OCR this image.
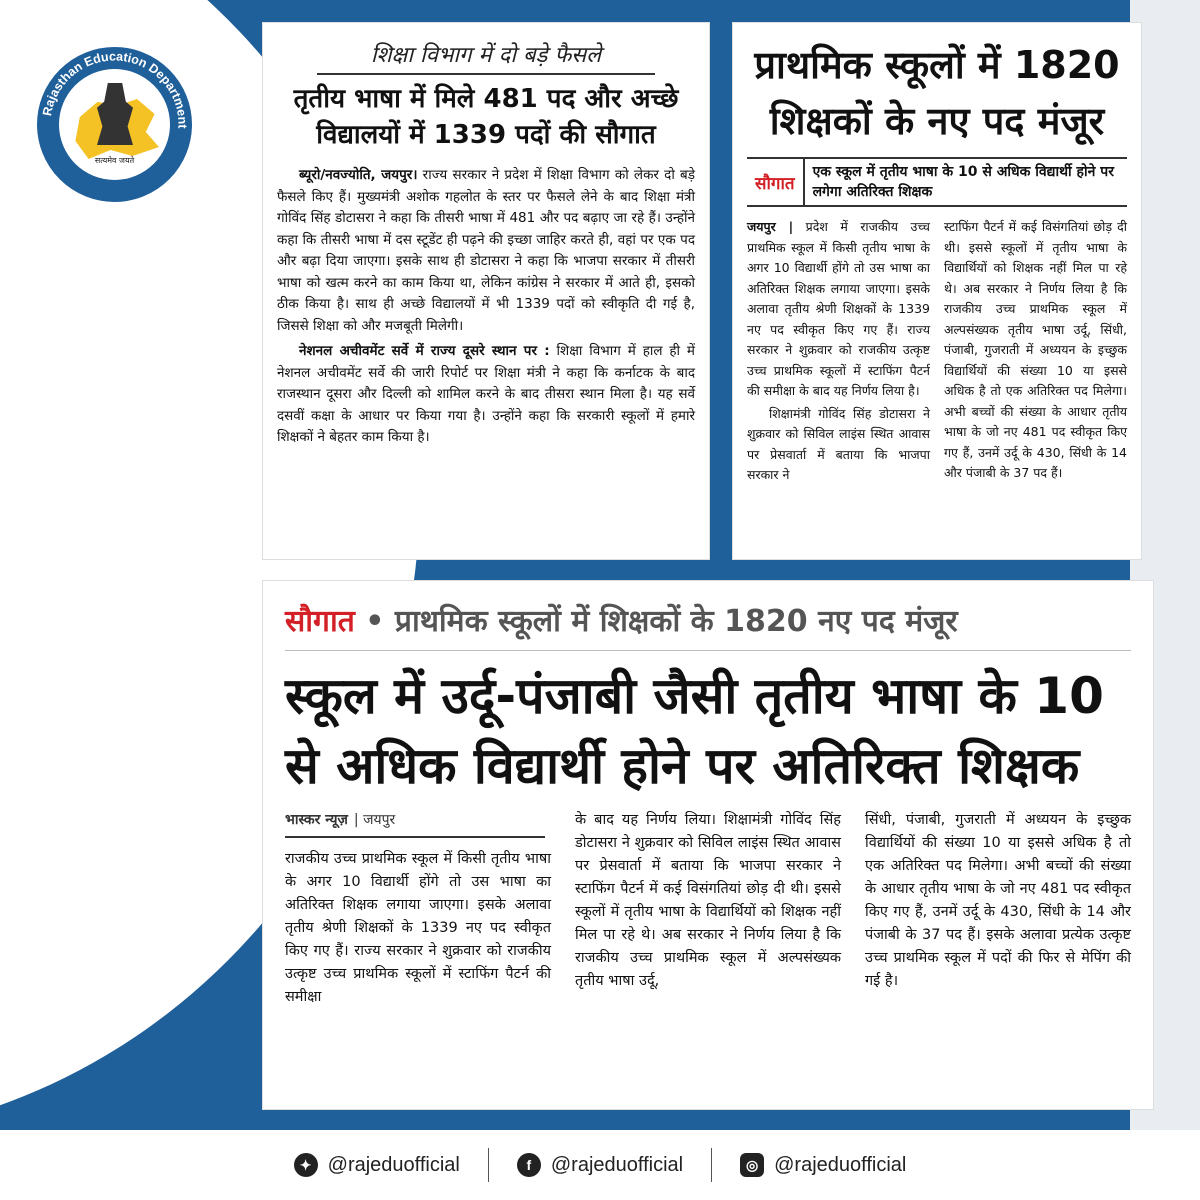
Rajasthan Education Department
सत्यमेव जयते
शिक्षा विभाग में दो बड़े फैसले
तृतीय भाषा में मिले 481 पद और अच्छे विद्यालयों में 1339 पदों की सौगात

ब्यूरो/नवज्योति, जयपुर। राज्य सरकार ने प्रदेश में शिक्षा विभाग को लेकर दो बड़े फैसले किए हैं। मुख्यमंत्री अशोक गहलोत के स्तर पर फैसले लेने के बाद शिक्षा मंत्री गोविंद सिंह डोटासरा ने कहा कि तीसरी भाषा में 481 और पद बढ़ाए जा रहे हैं। उन्होंने कहा कि तीसरी भाषा में दस स्टूडेंट ही पढ़ने की इच्छा जाहिर करते ही, वहां पर एक पद और बढ़ा दिया जाएगा। इसके साथ ही डोटासरा ने कहा कि भाजपा सरकार में तीसरी भाषा को खत्म करने का काम किया था, लेकिन कांग्रेस ने सरकार में आते ही, इसको ठीक किया है। साथ ही अच्छे विद्यालयों में भी 1339 पदों को स्वीकृति दी गई है, जिससे शिक्षा को और मजबूती मिलेगी।

नेशनल अचीवमेंट सर्वे में राज्य दूसरे स्थान पर : शिक्षा विभाग में हाल ही में नेशनल अचीवमेंट सर्वे की जारी रिपोर्ट पर शिक्षा मंत्री ने कहा कि कर्नाटक के बाद राजस्थान दूसरा और दिल्ली को शामिल करने के बाद तीसरा स्थान मिला है। यह सर्वे दसवीं कक्षा के आधार पर किया गया है। उन्होंने कहा कि सरकारी स्कूलों में हमारे शिक्षकों ने बेहतर काम किया है।

प्राथमिक स्कूलों में 1820 शिक्षकों के नए पद मंजूर
सौगात
एक स्कूल में तृतीय भाषा के 10 से अधिक विद्यार्थी होने पर लगेगा अतिरिक्त शिक्षक

जयपुर | प्रदेश में राजकीय उच्च प्राथमिक स्कूल में किसी तृतीय भाषा के अगर 10 विद्यार्थी होंगे तो उस भाषा का अतिरिक्त शिक्षक लगाया जाएगा। इसके अलावा तृतीय श्रेणी शिक्षकों के 1339 नए पद स्वीकृत किए गए हैं। राज्य सरकार ने शुक्रवार को राजकीय उत्कृष्ट उच्च प्राथमिक स्कूलों में स्टाफिंग पैटर्न की समीक्षा के बाद यह निर्णय लिया है।

शिक्षामंत्री गोविंद सिंह डोटासरा ने शुक्रवार को सिविल लाइंस स्थित आवास पर प्रेसवार्ता में बताया कि भाजपा सरकार ने

स्टाफिंग पैटर्न में कई विसंगतियां छोड़ दी थी। इससे स्कूलों में तृतीय भाषा के विद्यार्थियों को शिक्षक नहीं मिल पा रहे थे। अब सरकार ने निर्णय लिया है कि राजकीय उच्च प्राथमिक स्कूल में अल्पसंख्यक तृतीय भाषा उर्दू, सिंधी, पंजाबी, गुजराती में अध्ययन के इच्छुक विद्यार्थियों की संख्या 10 या इससे अधिक है तो एक अतिरिक्त पद मिलेगा। अभी बच्चों की संख्या के आधार तृतीय भाषा के जो नए 481 पद स्वीकृत किए गए हैं, उनमें उर्दू के 430, सिंधी के 14 और पंजाबी के 37 पद हैं।

सौगात • प्राथमिक स्कूलों में शिक्षकों के 1820 नए पद मंजूर
स्कूल में उर्दू-पंजाबी जैसी तृतीय भाषा के 10 से अधिक विद्यार्थी होने पर अतिरिक्त शिक्षक
भास्कर न्यूज़ | जयपुर
राजकीय उच्च प्राथमिक स्कूल में किसी तृतीय भाषा के अगर 10 विद्यार्थी होंगे तो उस भाषा का अतिरिक्त शिक्षक लगाया जाएगा। इसके अलावा तृतीय श्रेणी शिक्षकों के 1339 नए पद स्वीकृत किए गए हैं। राज्य सरकार ने शुक्रवार को राजकीय उत्कृष्ट उच्च प्राथमिक स्कूलों में स्टाफिंग पैटर्न की समीक्षा
के बाद यह निर्णय लिया। शिक्षामंत्री गोविंद सिंह डोटासरा ने शुक्रवार को सिविल लाइंस स्थित आवास पर प्रेसवार्ता में बताया कि भाजपा सरकार ने स्टाफिंग पैटर्न में कई विसंगतियां छोड़ दी थी। इससे स्कूलों में तृतीय भाषा के विद्यार्थियों को शिक्षक नहीं मिल पा रहे थे। अब सरकार ने निर्णय लिया है कि राजकीय उच्च प्राथमिक स्कूल में अल्पसंख्यक तृतीय भाषा उर्दू,
सिंधी, पंजाबी, गुजराती में अध्ययन के इच्छुक विद्यार्थियों की संख्या 10 या इससे अधिक है तो एक अतिरिक्त पद मिलेगा। अभी बच्चों की संख्या के आधार तृतीय भाषा के जो नए 481 पद स्वीकृत किए गए हैं, उनमें उर्दू के 430, सिंधी के 14 और पंजाबी के 37 पद हैं। इसके अलावा प्रत्येक उत्कृष्ट उच्च प्राथमिक स्कूल में पदों की फिर से मेपिंग की गई है।
✦ @rajeduofficial	f @rajeduofficial	◎ @rajeduofficial
